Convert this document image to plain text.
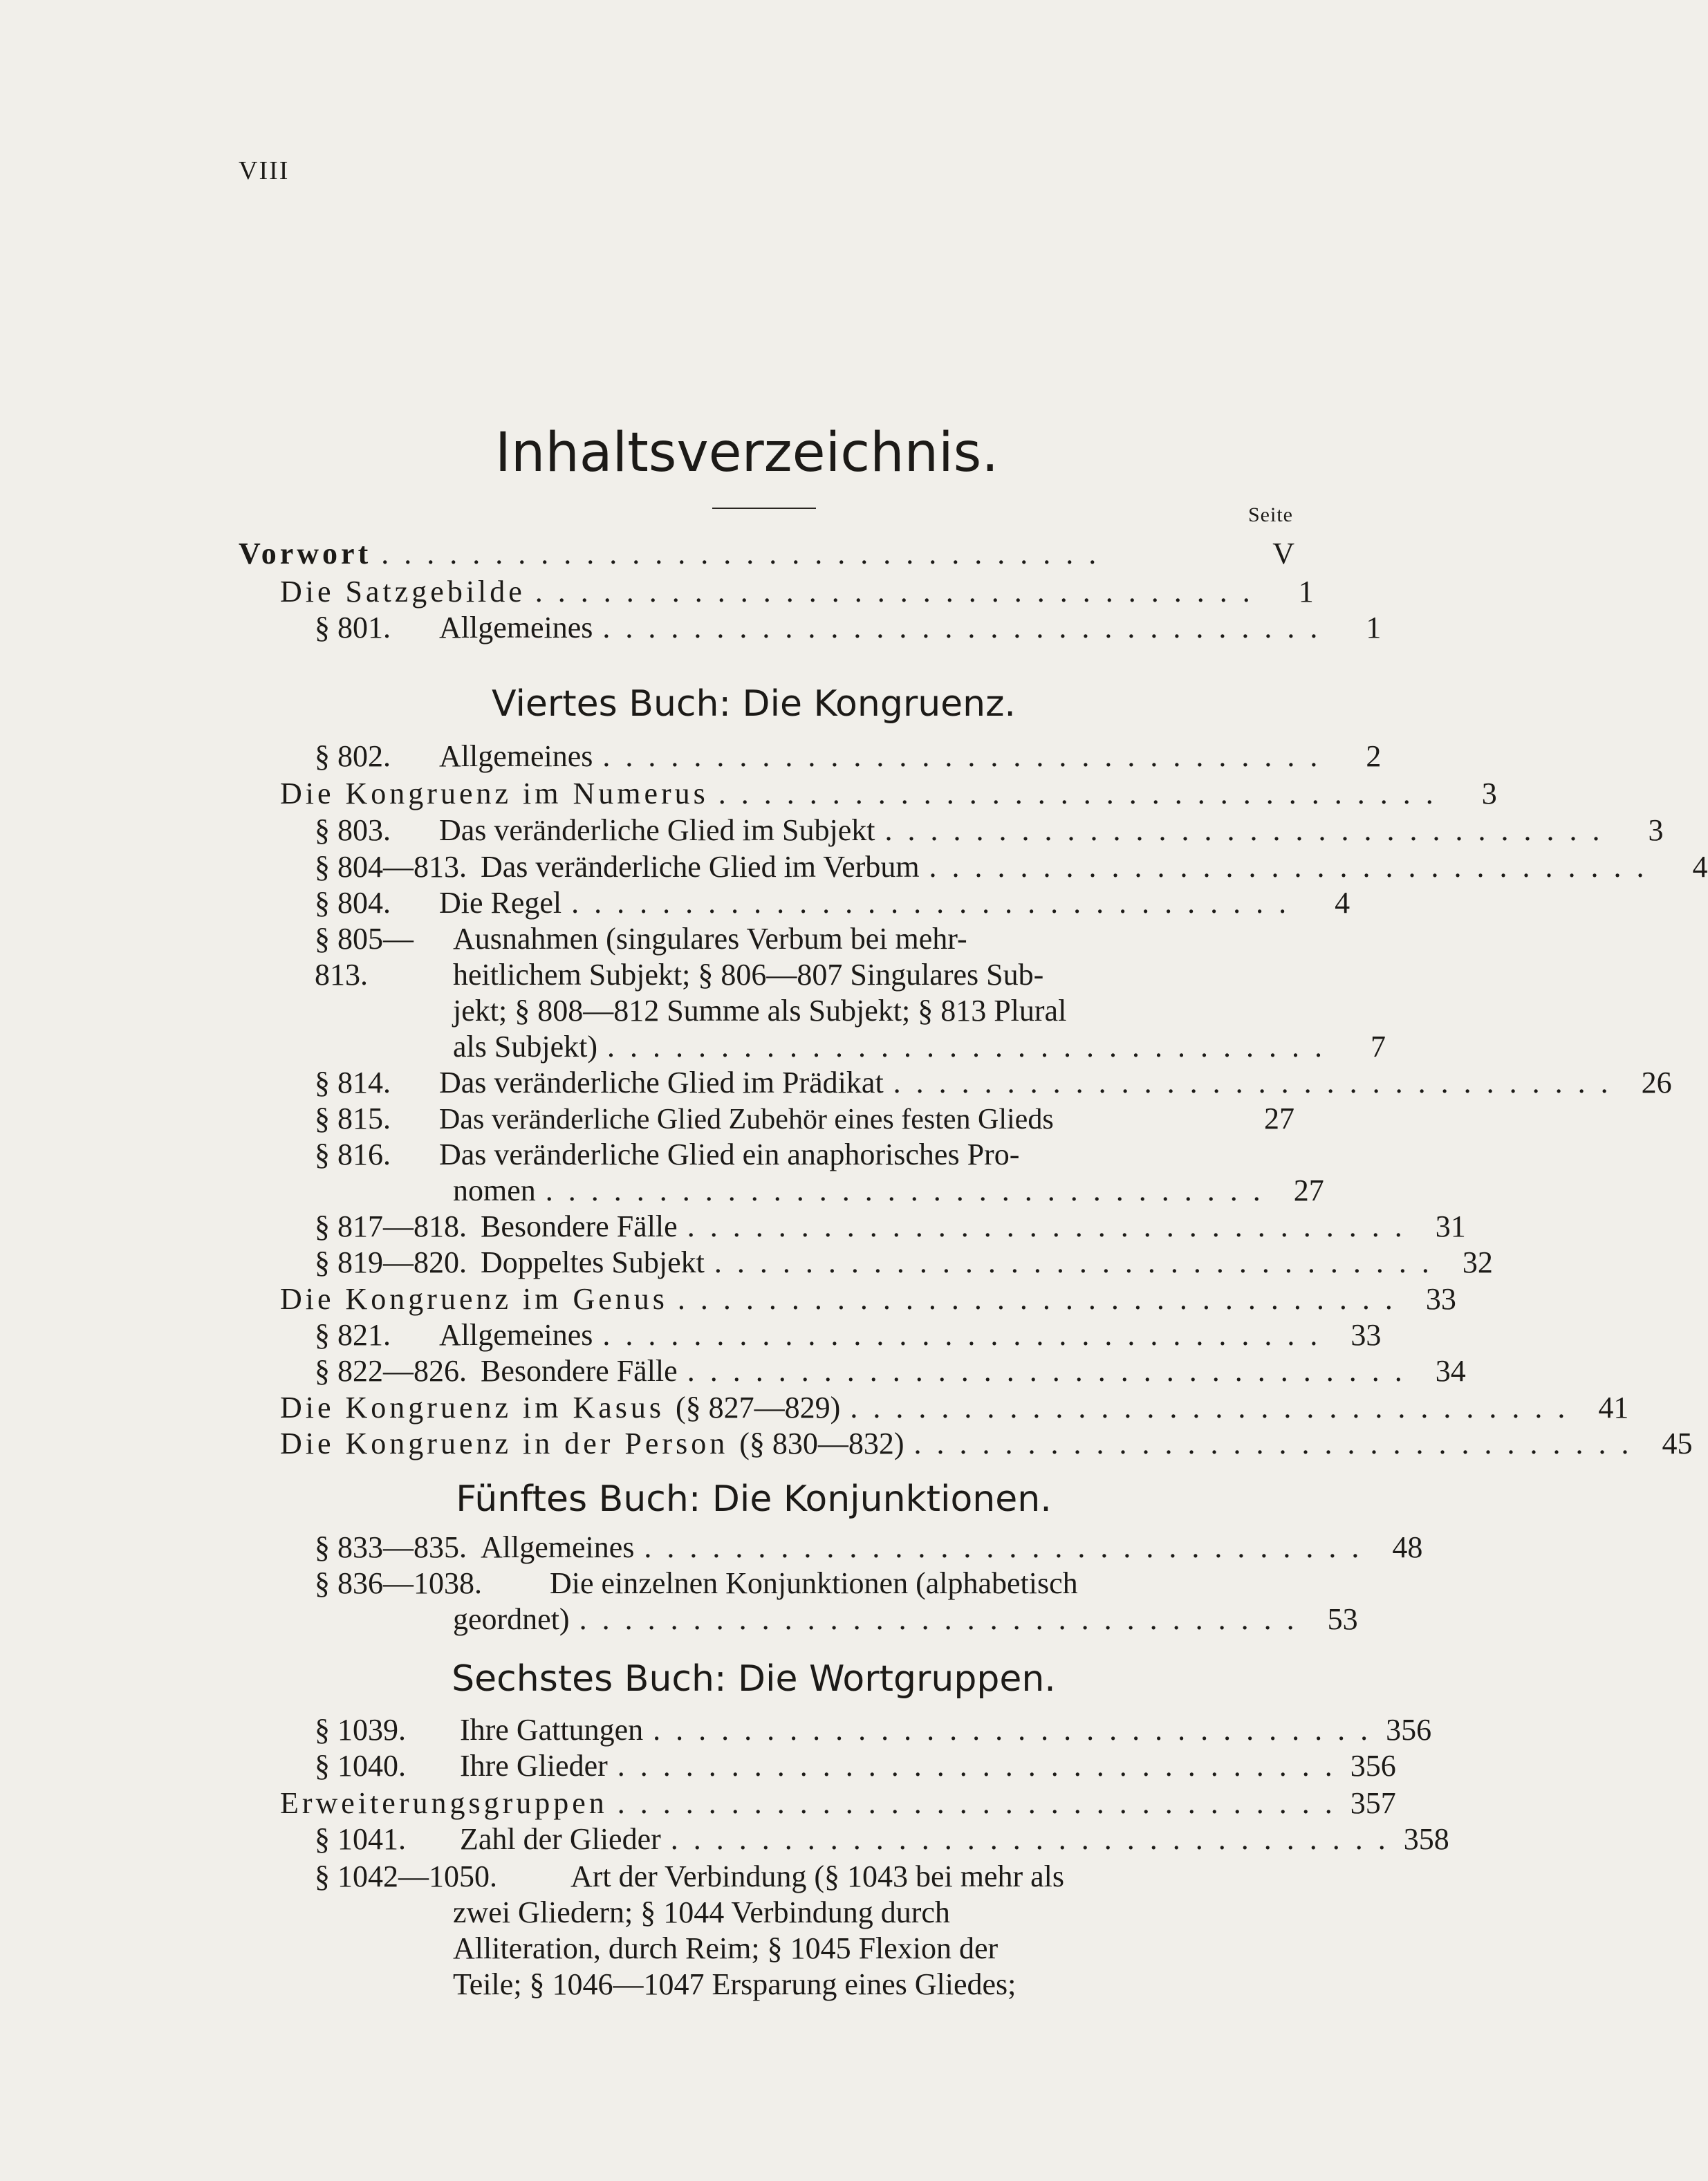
VIII
Inhaltsverzeichnis.
Seite
Vorwort ................................	V
Die Satzgebilde ................................	1
§ 801.	Allgemeines ................................	1
Viertes Buch: Die Kongruenz.
§ 802.	Allgemeines ................................	2
Die Kongruenz im Numerus ................................	3
§ 803.	Das veränderliche Glied im Subjekt ................................	3
§ 804—813. Das veränderliche Glied im Verbum ................................	4
§ 804.	Die Regel ................................	4
§ 805—813.
Ausnahmen (singulares Verbum bei mehr-
heitlichem Subjekt; § 806—807 Singulares Sub-
jekt; § 808—812 Summe als Subjekt; § 813 Plural
als Subjekt) ................................	7
§ 814.	Das veränderliche Glied im Prädikat ................................ 26
§ 815.	Das veränderliche Glied Zubehör eines festen Glieds	27
§ 816.	Das veränderliche Glied ein anaphorisches Pro-
nomen ................................ 27
§ 817—818. Besondere Fälle ................................ 31
§ 819—820. Doppeltes Subjekt ................................ 32
Die Kongruenz im Genus ................................ 33
§ 821.	Allgemeines ................................ 33
§ 822—826. Besondere Fälle ................................ 34
Die Kongruenz im Kasus (§ 827—829) ................................ 41
Die Kongruenz in der Person (§ 830—832) ................................ 45
Fünftes Buch: Die Konjunktionen.
§ 833—835. Allgemeines ................................ 48
§ 836—1038.	Die einzelnen Konjunktionen (alphabetisch
geordnet) ................................ 53
Sechstes Buch: Die Wortgruppen.
§ 1039.	Ihre Gattungen ................................ 356
§ 1040.	Ihre Glieder ................................ 356
Erweiterungsgruppen ................................ 357
§ 1041.	Zahl der Glieder ................................ 358
§ 1042—1050.	Art der Verbindung (§ 1043 bei mehr als
zwei Gliedern; § 1044 Verbindung durch
Alliteration, durch Reim; § 1045 Flexion der
Teile; § 1046—1047 Ersparung eines Gliedes;
